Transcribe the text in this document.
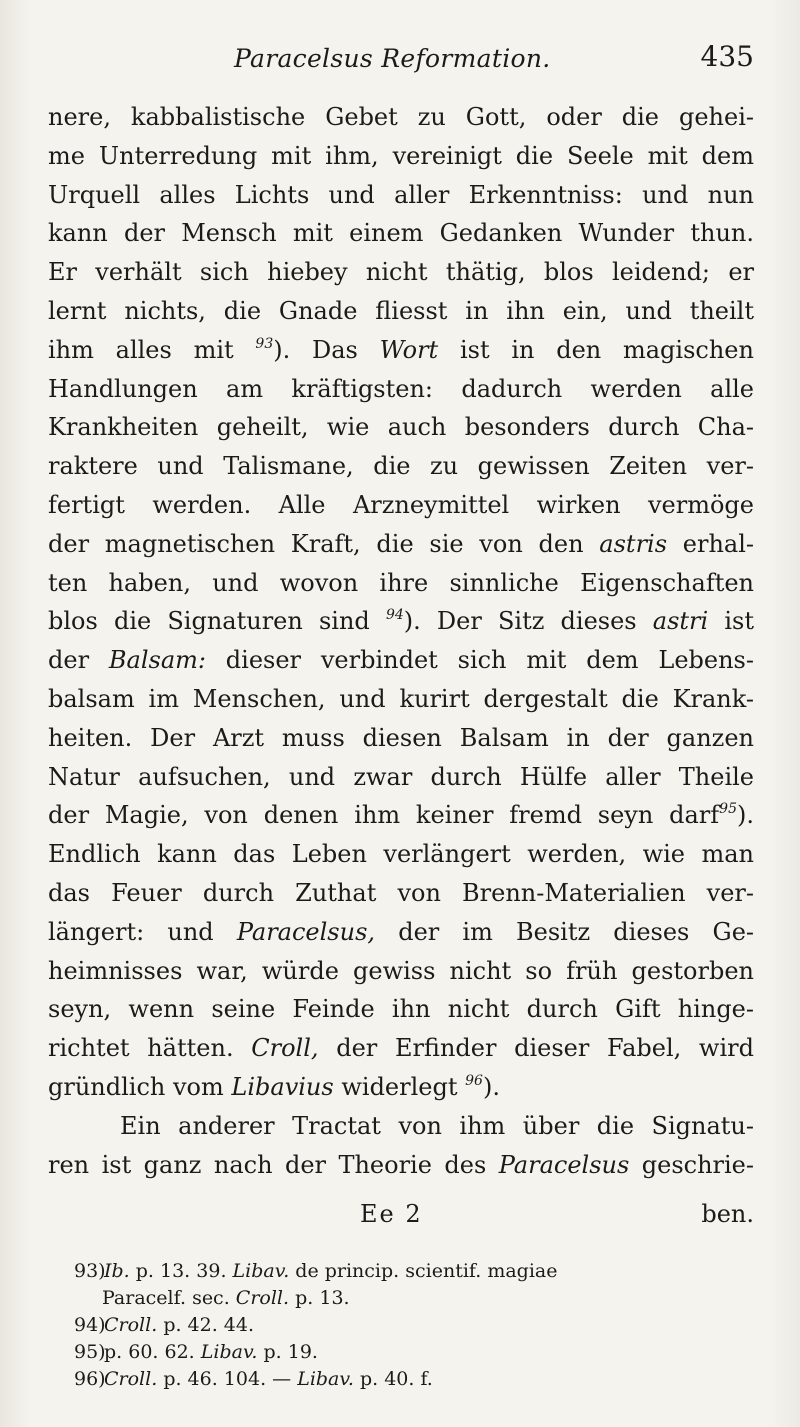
Paracelsus Reformation.	435
nere, kabbalistische Gebet zu Gott, oder die gehei-
me Unterredung mit ihm, vereinigt die Seele mit dem
Urquell alles Lichts und aller Erkenntniss: und nun
kann der Mensch mit einem Gedanken Wunder thun.
Er verhält sich hiebey nicht thätig, blos leidend; er
lernt nichts, die Gnade fliesst in ihn ein, und theilt
ihm alles mit $^{93}$). Das Wort ist in den magischen
Handlungen am kräftigsten: dadurch werden alle
Krankheiten geheilt, wie auch besonders durch Cha-
raktere und Talismane, die zu gewissen Zeiten ver-
fertigt werden. Alle Arzneymittel wirken vermöge
der magnetischen Kraft, die sie von den astris erhal-
ten haben, und wovon ihre sinnliche Eigenschaften
blos die Signaturen sind $^{94}$). Der Sitz dieses astri ist
der Balsam: dieser verbindet sich mit dem Lebens-
balsam im Menschen, und kurirt dergestalt die Krank-
heiten. Der Arzt muss diesen Balsam in der ganzen
Natur aufsuchen, und zwar durch Hülfe aller Theile
der Magie, von denen ihm keiner fremd seyn darf$^{95}$).
Endlich kann das Leben verlängert werden, wie man
das Feuer durch Zuthat von Brenn-Materialien ver-
längert: und Paracelsus, der im Besitz dieses Ge-
heimnisses war, würde gewiss nicht so früh gestorben
seyn, wenn seine Feinde ihn nicht durch Gift hinge-
richtet hätten. Croll, der Erfinder dieser Fabel, wird
gründlich vom Libavius widerlegt $^{96}$).
Ein anderer Tractat von ihm über die Signatu-
ren ist ganz nach der Theorie des Paracelsus geschrie-
Ee 2	ben.
93)Ib. p. 13. 39. Libav. de princip. scientif. magiae
Paracelf. sec. Croll. p. 13.
94)Croll. p. 42. 44.
95)p. 60. 62. Libav. p. 19.
96)Croll. p. 46. 104. — Libav. p. 40. f.
